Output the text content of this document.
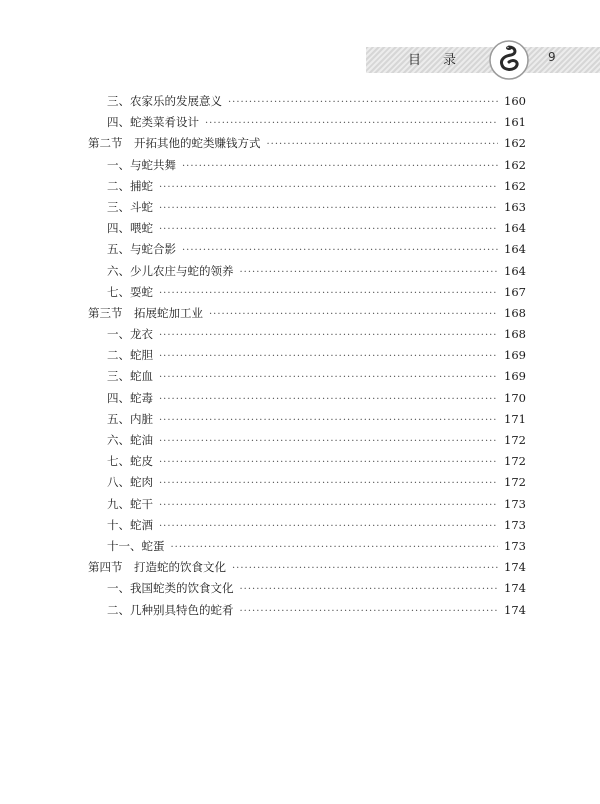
目录	9
三、农家乐的发展意义 ·····	160
四、蛇类菜肴设计 ·····	161
第二节　开拓其他的蛇类赚钱方式 ·····	162
一、与蛇共舞 ·····	162
二、捕蛇 ·····	162
三、斗蛇 ·····	163
四、喂蛇 ·····	164
五、与蛇合影 ·····	164
六、少儿农庄与蛇的领养 ·····	164
七、耍蛇 ·····	167
第三节　拓展蛇加工业 ·····	168
一、龙衣 ·····	168
二、蛇胆 ·····	169
三、蛇血 ·····	169
四、蛇毒 ·····	170
五、内脏 ·····	171
六、蛇油 ·····	172
七、蛇皮 ·····	172
八、蛇肉 ·····	172
九、蛇干 ·····	173
十、蛇酒 ·····	173
十一、蛇蛋 ·····	173
第四节　打造蛇的饮食文化 ·····	174
一、我国蛇类的饮食文化 ·····	174
二、几种别具特色的蛇肴 ·····	174
